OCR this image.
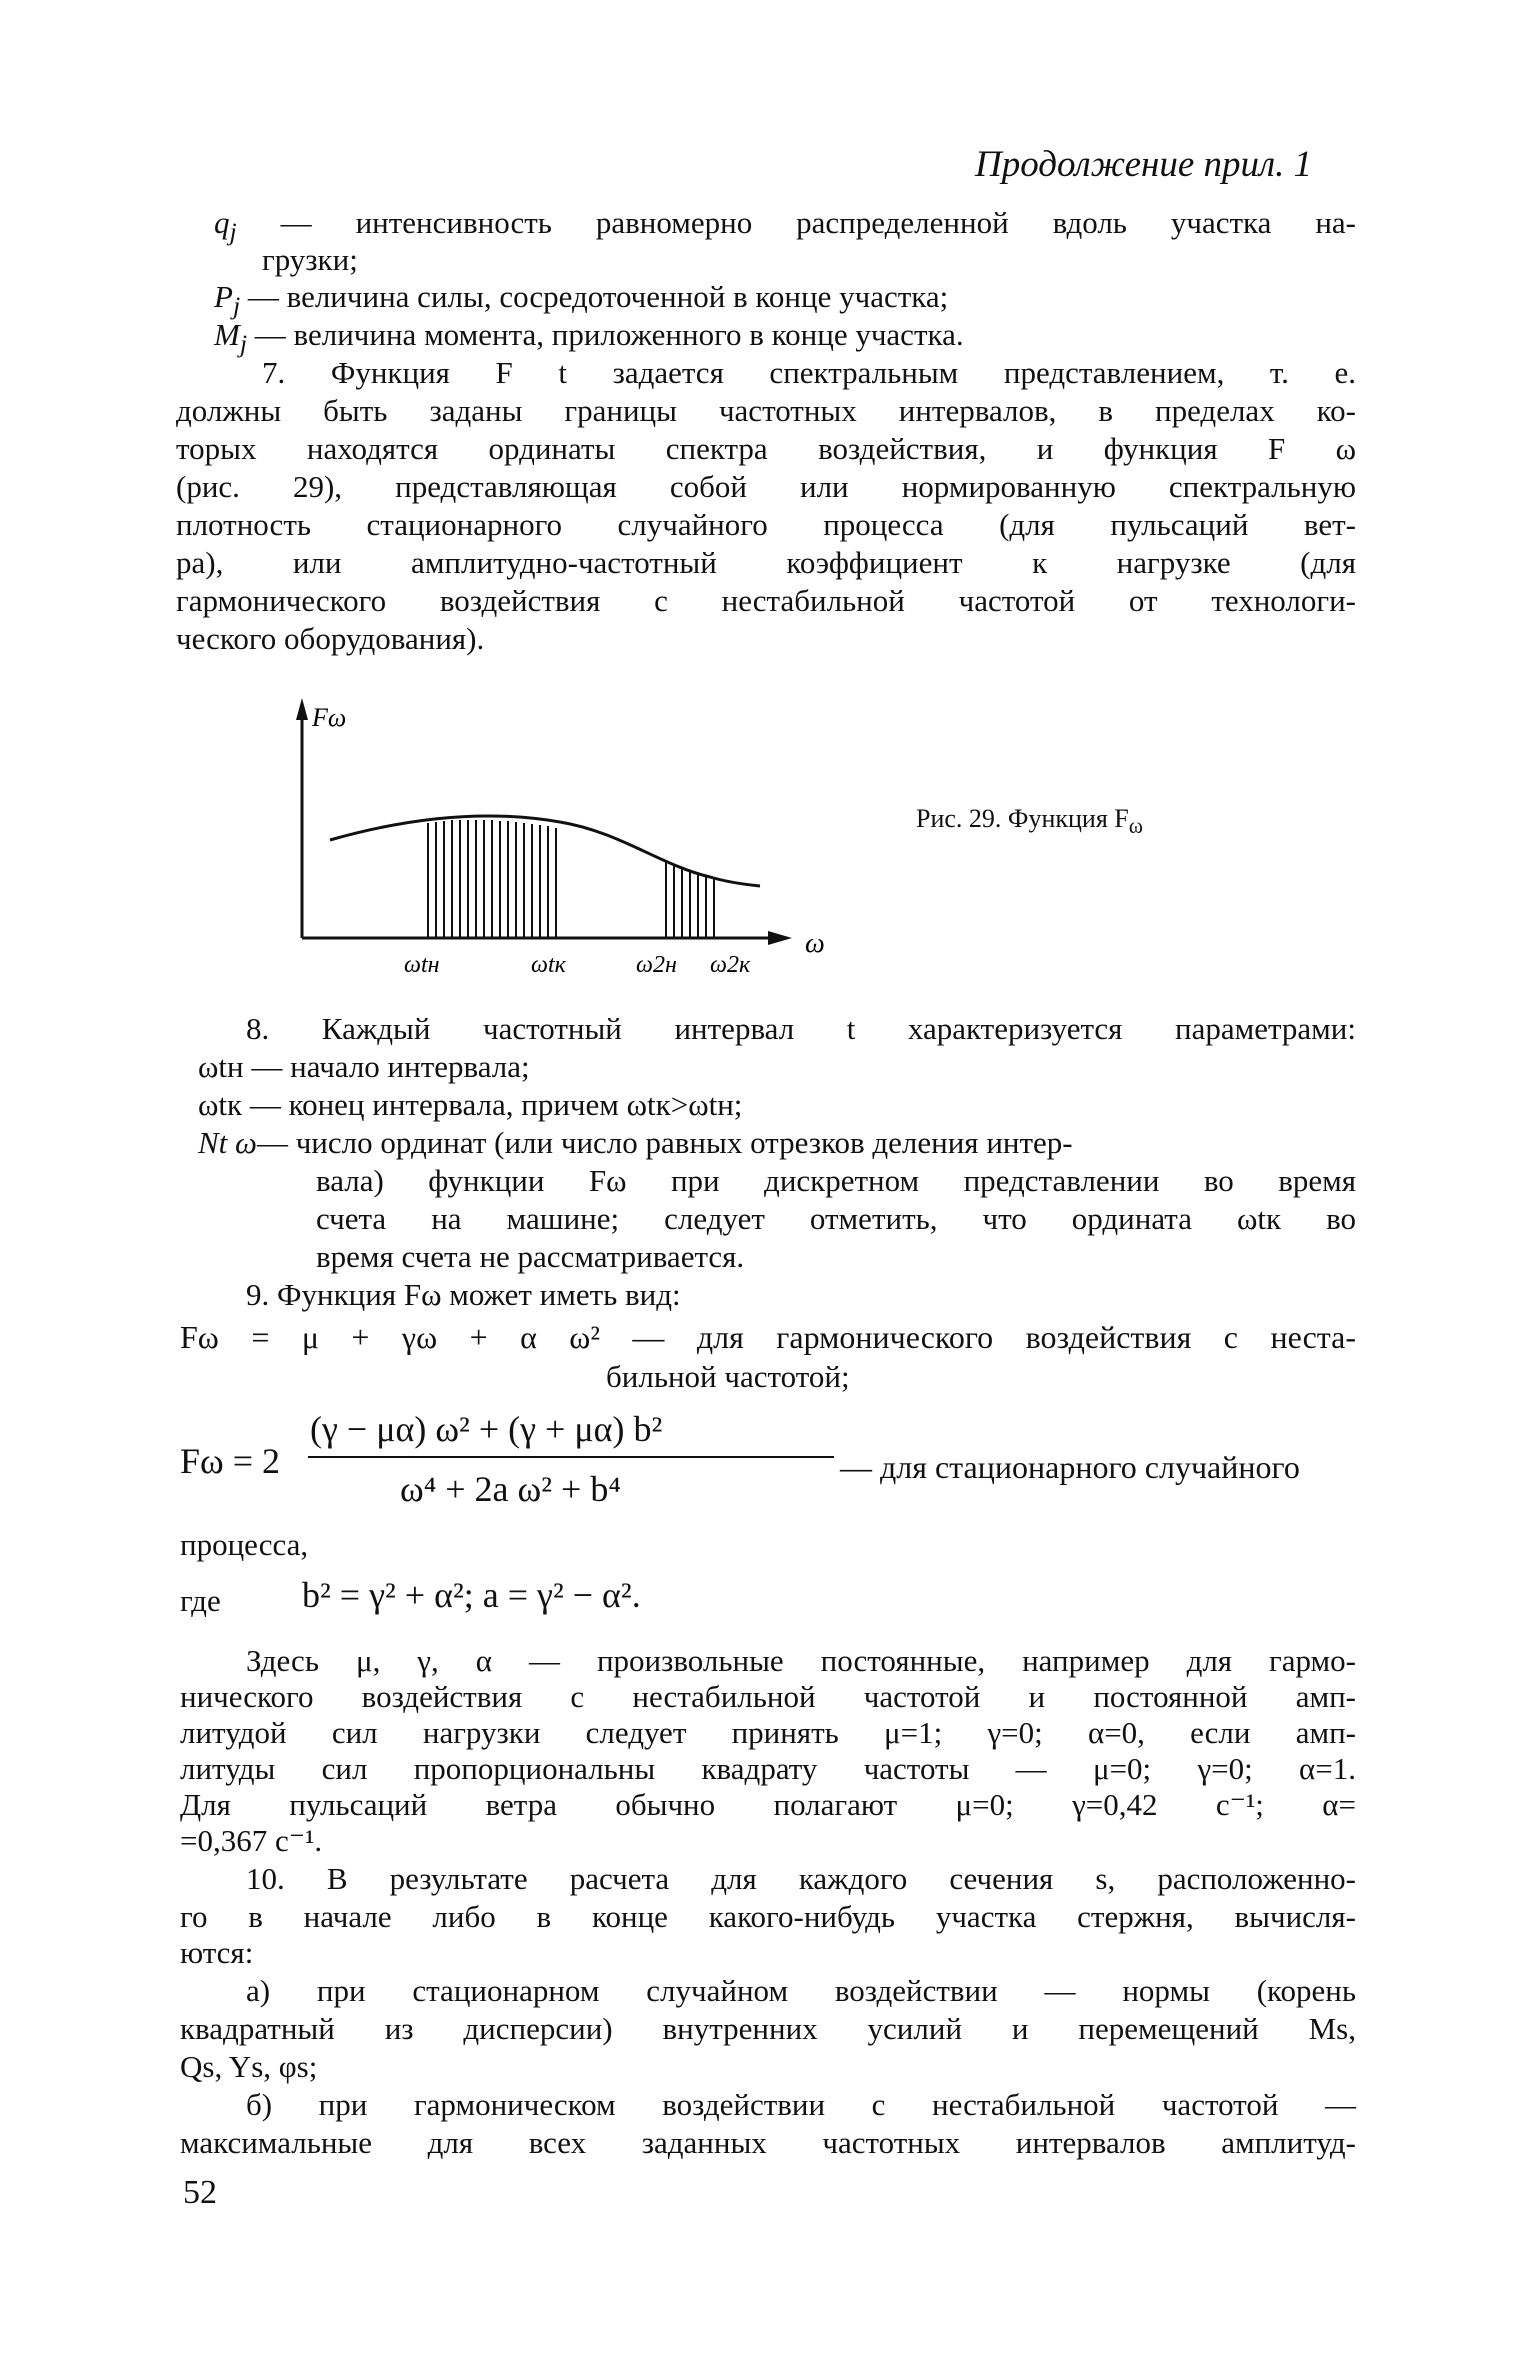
Продолжение прил. 1
$q_j$ — интенсивность равномерно распределенной вдоль участка на-
грузки;
$P_j$ — величина силы, сосредоточенной в конце участка;
$M_j$ — величина момента, приложенного в конце участка.
7. Функция F t задается спектральным представлением, т. е.
должны быть заданы границы частотных интервалов, в пределах ко-
торых находятся ординаты спектра воздействия, и функция F ω
(рис. 29), представляющая собой или нормированную спектральную
плотность стационарного случайного процесса (для пульсаций вет-
ра), или амплитудно-частотный коэффициент к нагрузке (для
гармонического воздействия с нестабильной частотой от технологи-
ческого оборудования).
Fω
ω
ωtн	ωtк	ω2н ω2к
Рис. 29. Функция $F_\omega$
8. Каждый частотный интервал t характеризуется параметрами:
ωtн — начало интервала;
ωtк — конец интервала, причем ωtк>ωtн;
Nt ω— число ординат (или число равных отрезков деления интер-
вала) функции Fω при дискретном представлении во время
счета на машине; следует отметить, что ордината ωtк во
время счета не рассматривается.
9. Функция Fω может иметь вид:
Fω = μ + γω + α ω² — для гармонического воздействия с неста-
бильной частотой;
Fω = 2
(γ − μα) ω² + (γ + μα) b²
ω⁴ + 2a ω² + b⁴
— для стационарного случайного
процесса,
где b² = γ² + α²; a = γ² − α².
Здесь μ, γ, α — произвольные постоянные, например для гармо-
нического воздействия с нестабильной частотой и постоянной амп-
литудой сил нагрузки следует принять μ=1; γ=0; α=0, если амп-
литуды сил пропорциональны квадрату частоты — μ=0; γ=0; α=1.
Для пульсаций ветра обычно полагают μ=0; γ=0,42 с⁻¹; α=
=0,367 с⁻¹.
10. В результате расчета для каждого сечения s, расположенно-
го в начале либо в конце какого-нибудь участка стержня, вычисля-
ются:
а) при стационарном случайном воздействии — нормы (корень
квадратный из дисперсии) внутренних усилий и перемещений Ms,
Qs, Ys, φs;
б) при гармоническом воздействии с нестабильной частотой —
максимальные для всех заданных частотных интервалов амплитуд-
52
